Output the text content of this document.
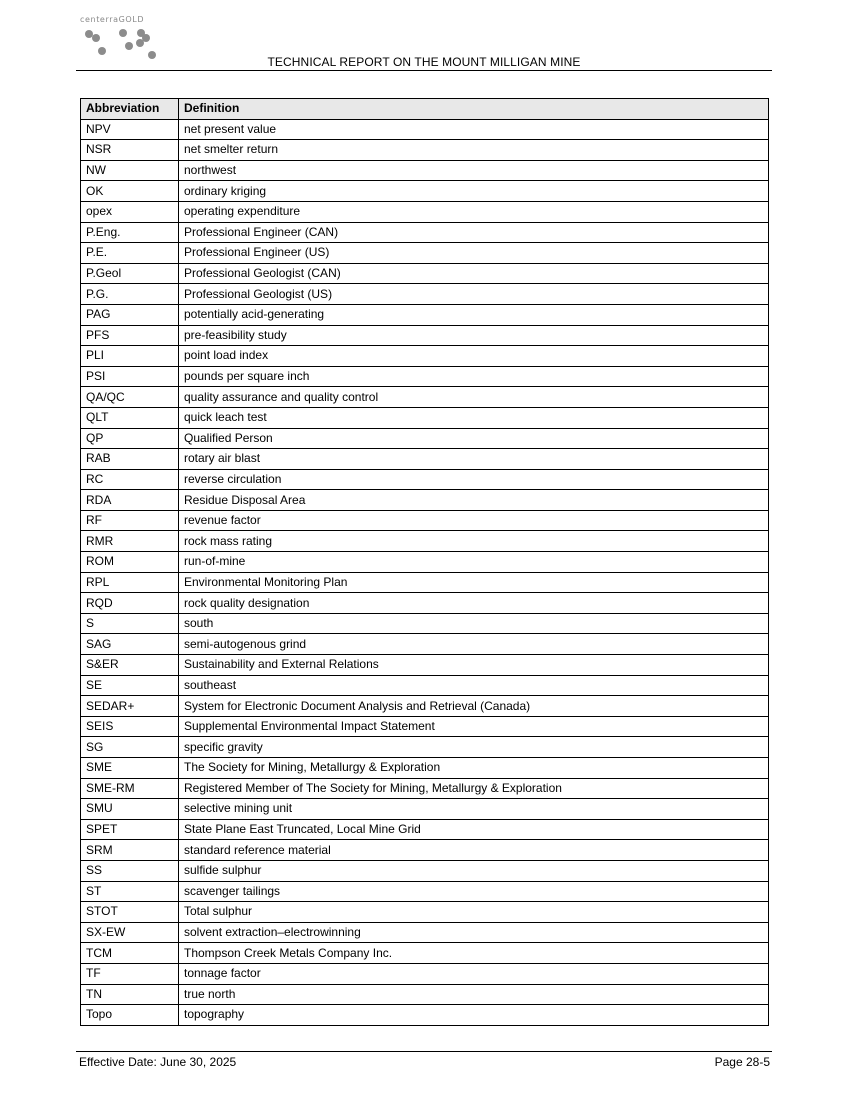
centerraGOLD
TECHNICAL REPORT ON THE MOUNT MILLIGAN MINE
Abbreviation	Definition
NPV	net present value
NSR	net smelter return
NW	northwest
OK	ordinary kriging
opex	operating expenditure
P.Eng.	Professional Engineer (CAN)
P.E.	Professional Engineer (US)
P.Geol	Professional Geologist (CAN)
P.G.	Professional Geologist (US)
PAG	potentially acid-generating
PFS	pre-feasibility study
PLI	point load index
PSI	pounds per square inch
QA/QC	quality assurance and quality control
QLT	quick leach test
QP	Qualified Person
RAB	rotary air blast
RC	reverse circulation
RDA	Residue Disposal Area
RF	revenue factor
RMR	rock mass rating
ROM	run-of-mine
RPL	Environmental Monitoring Plan
RQD	rock quality designation
S	south
SAG	semi-autogenous grind
S&ER	Sustainability and External Relations
SE	southeast
SEDAR+	System for Electronic Document Analysis and Retrieval (Canada)
SEIS	Supplemental Environmental Impact Statement
SG	specific gravity
SME	The Society for Mining, Metallurgy & Exploration
SME-RM	Registered Member of The Society for Mining, Metallurgy & Exploration
SMU	selective mining unit
SPET	State Plane East Truncated, Local Mine Grid
SRM	standard reference material
SS	sulfide sulphur
ST	scavenger tailings
STOT	Total sulphur
SX-EW	solvent extraction–electrowinning
TCM	Thompson Creek Metals Company Inc.
TF	tonnage factor
TN	true north
Topo	topography
Effective Date: June 30, 2025	Page 28-5
